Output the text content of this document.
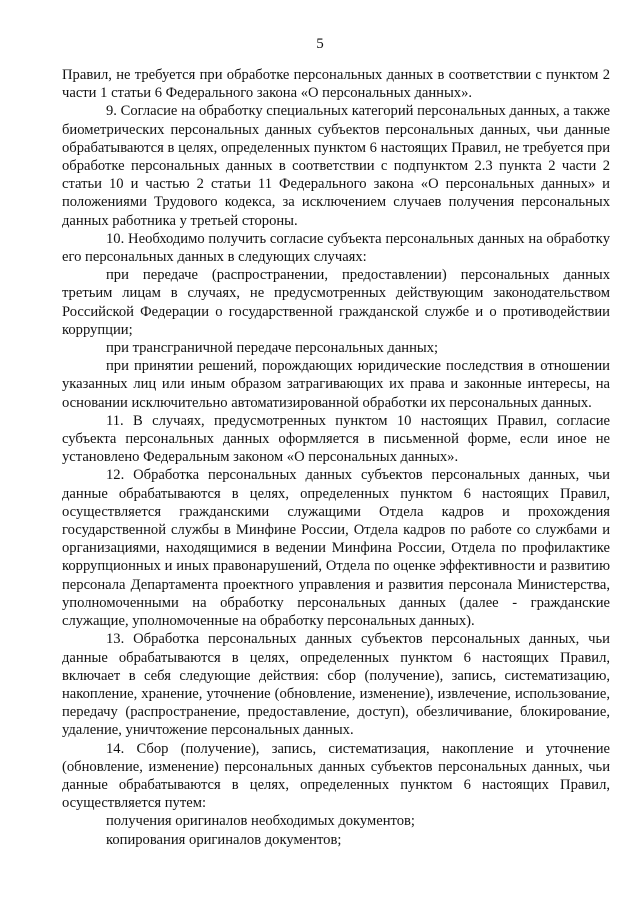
5

Правил, не требуется при обработке персональных данных в соответствии с пунктом 2 части 1 статьи 6 Федерального закона «О персональных данных».

9. Согласие на обработку специальных категорий персональных данных, а также биометрических персональных данных субъектов персональных данных, чьи данные обрабатываются в целях, определенных пунктом 6 настоящих Правил, не требуется при обработке персональных данных в соответствии с подпунктом 2.3 пункта 2 части 2 статьи 10 и частью 2 статьи 11 Федерального закона «О персональных данных» и положениями Трудового кодекса, за исключением случаев получения персональных данных работника у третьей стороны.

10. Необходимо получить согласие субъекта персональных данных на обработку его персональных данных в следующих случаях:

при передаче (распространении, предоставлении) персональных данных третьим лицам в случаях, не предусмотренных действующим законодательством Российской Федерации о государственной гражданской службе и о противодействии коррупции;

при трансграничной передаче персональных данных;

при принятии решений, порождающих юридические последствия в отношении указанных лиц или иным образом затрагивающих их права и законные интересы, на основании исключительно автоматизированной обработки их персональных данных.

11. В случаях, предусмотренных пунктом 10 настоящих Правил, согласие субъекта персональных данных оформляется в письменной форме, если иное не установлено Федеральным законом «О персональных данных».

12. Обработка персональных данных субъектов персональных данных, чьи данные обрабатываются в целях, определенных пунктом 6 настоящих Правил, осуществляется гражданскими служащими Отдела кадров и прохождения государственной службы в Минфине России, Отдела кадров по работе со службами и организациями, находящимися в ведении Минфина России, Отдела по профилактике коррупционных и иных правонарушений, Отдела по оценке эффективности и развитию персонала Департамента проектного управления и развития персонала Министерства, уполномоченными на обработку персональных данных (далее - гражданские служащие, уполномоченные на обработку персональных данных).

13. Обработка персональных данных субъектов персональных данных, чьи данные обрабатываются в целях, определенных пунктом 6 настоящих Правил, включает в себя следующие действия: сбор (получение), запись, систематизацию, накопление, хранение, уточнение (обновление, изменение), извлечение, использование, передачу (распространение, предоставление, доступ), обезличивание, блокирование, удаление, уничтожение персональных данных.

14. Сбор (получение), запись, систематизация, накопление и уточнение (обновление, изменение) персональных данных субъектов персональных данных, чьи данные обрабатываются в целях, определенных пунктом 6 настоящих Правил, осуществляется путем:

получения оригиналов необходимых документов;

копирования оригиналов документов;
